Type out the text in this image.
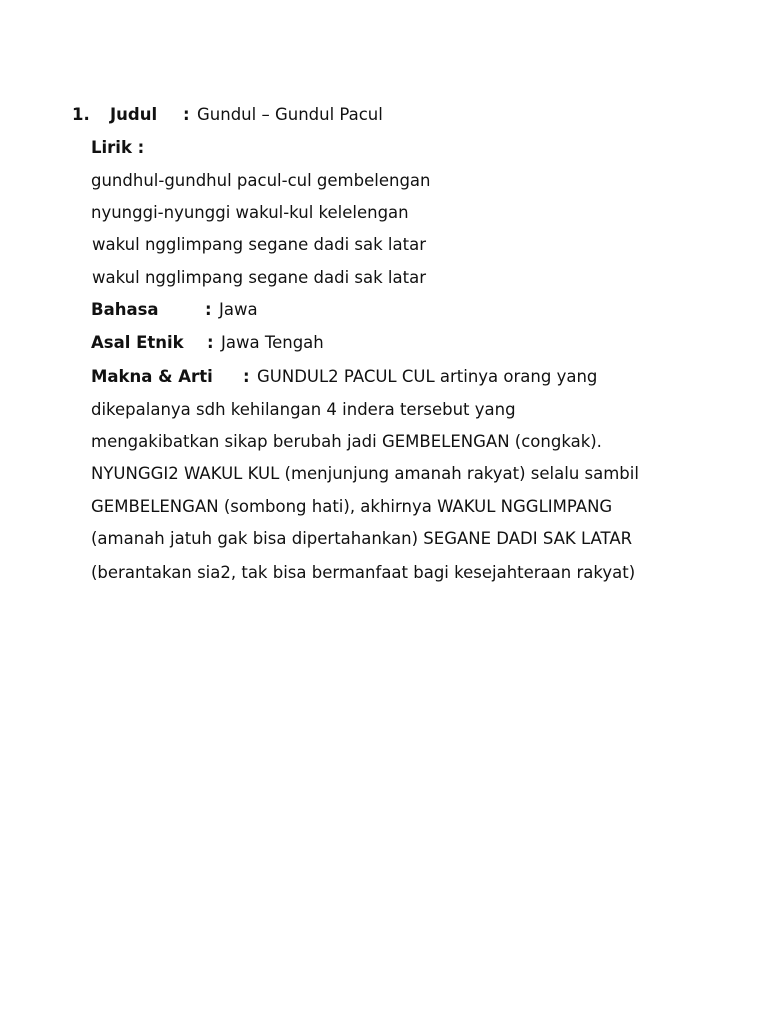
1. Judul : Gundul – Gundul Pacul
Lirik :
gundhul-gundhul pacul-cul gembelengan
nyunggi-nyunggi wakul-kul kelelengan
wakul ngglimpang segane dadi sak latar
wakul ngglimpang segane dadi sak latar
Bahasa	: Jawa
Asal Etnik : Jawa Tengah
Makna & Arti : GUNDUL2 PACUL CUL artinya orang yang
dikepalanya sdh kehilangan 4 indera tersebut yang
mengakibatkan sikap berubah jadi GEMBELENGAN (congkak).
NYUNGGI2 WAKUL KUL (menjunjung amanah rakyat) selalu sambil
GEMBELENGAN (sombong hati), akhirnya WAKUL NGGLIMPANG
(amanah jatuh gak bisa dipertahankan) SEGANE DADI SAK LATAR
(berantakan sia2, tak bisa bermanfaat bagi kesejahteraan rakyat)
